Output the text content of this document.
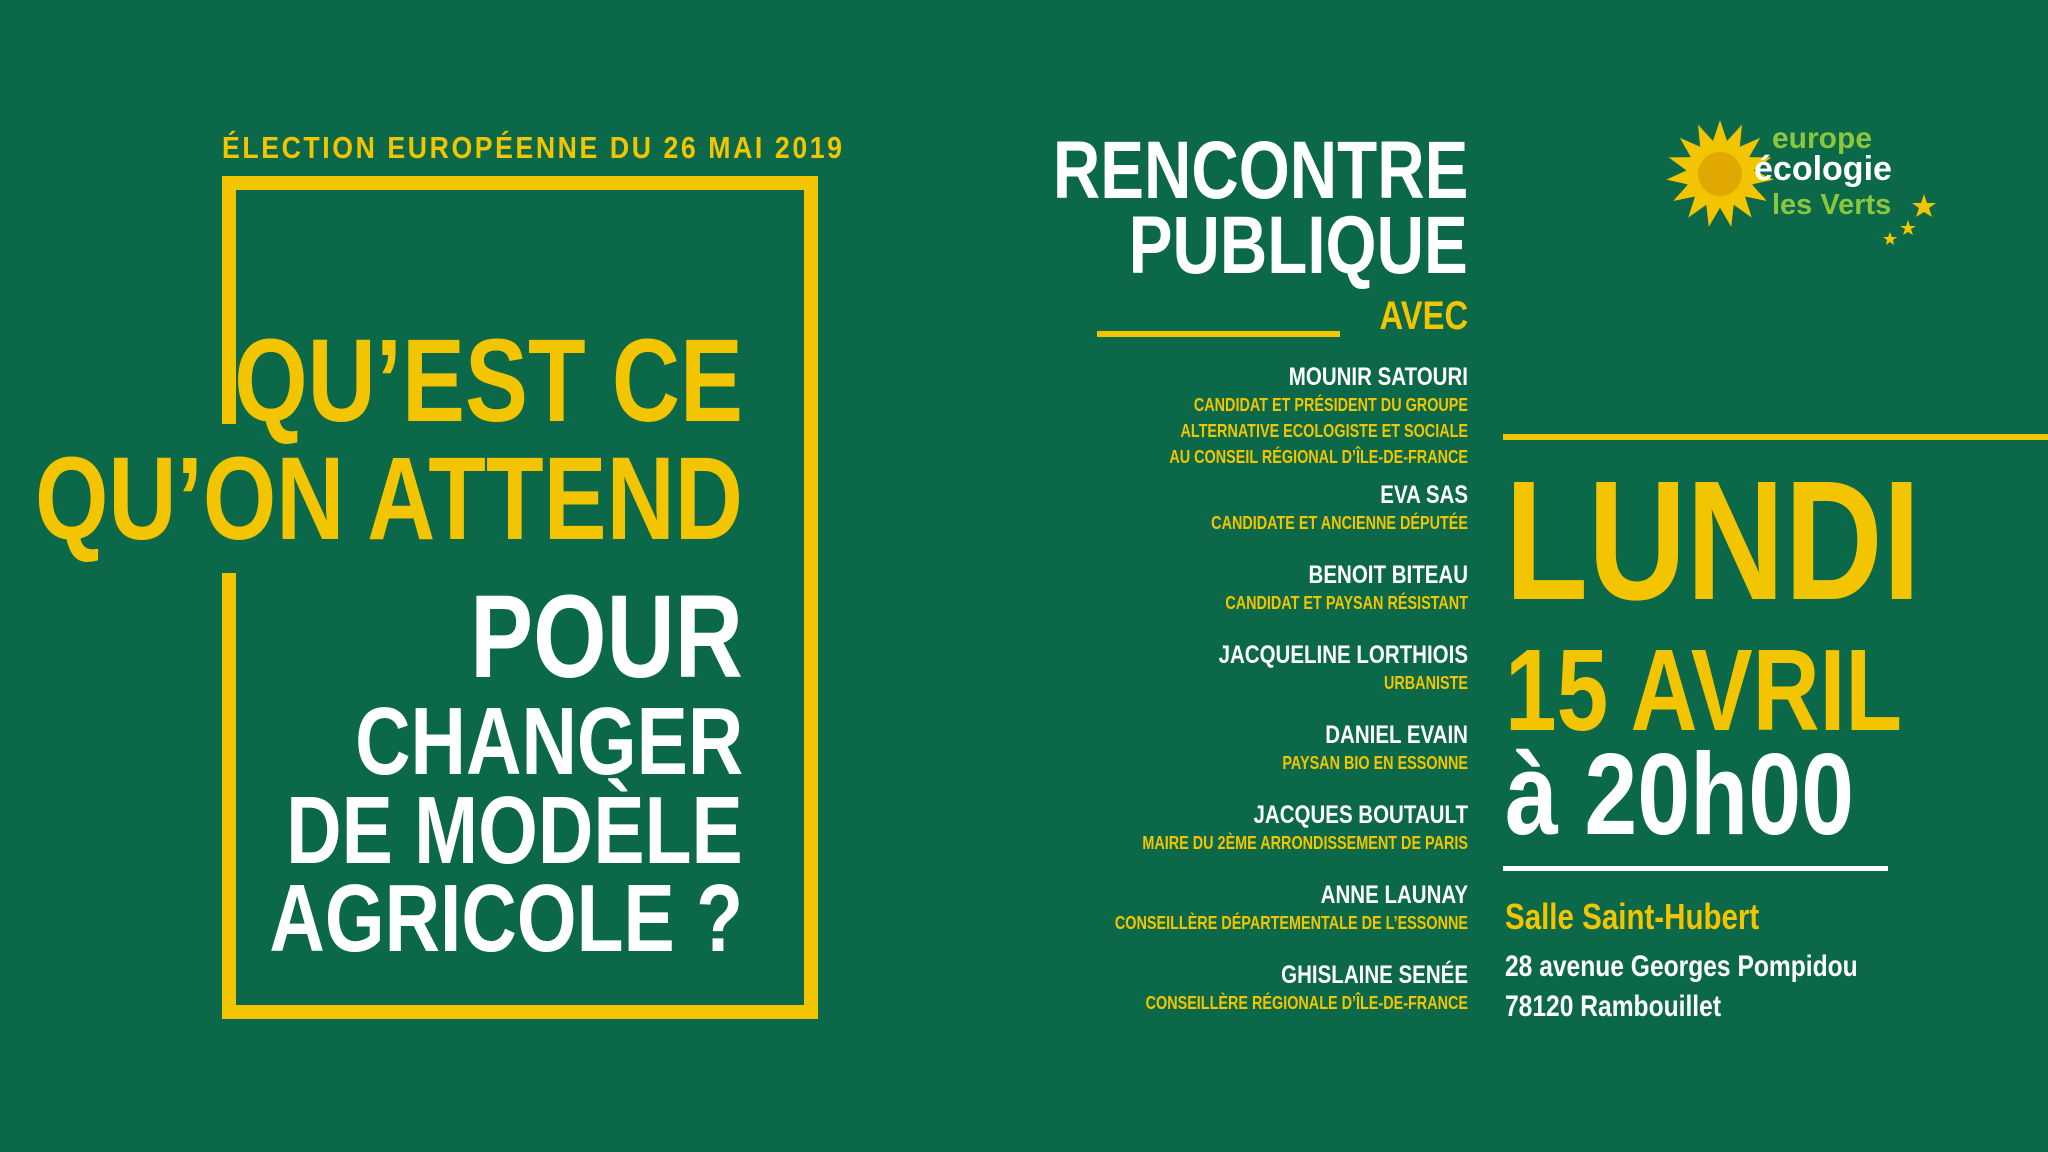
ÉLECTION EUROPÉENNE DU 26 MAI 2019
QU’EST CE
QU’ON ATTEND
POUR
CHANGER
DE MODÈLE
AGRICOLE ?
RENCONTRE
PUBLIQUE
AVEC
MOUNIR SATOURI
CANDIDAT ET PRÉSIDENT DU GROUPE
ALTERNATIVE ECOLOGISTE ET SOCIALE
AU CONSEIL RÉGIONAL D’ÎLE-DE-FRANCE
EVA SAS
CANDIDATE ET ANCIENNE DÉPUTÉE
BENOIT BITEAU
CANDIDAT ET PAYSAN RÉSISTANT
JACQUELINE LORTHIOIS
URBANISTE
DANIEL EVAIN
PAYSAN BIO EN ESSONNE
JACQUES BOUTAULT
MAIRE DU 2ÈME ARRONDISSEMENT DE PARIS
ANNE LAUNAY
CONSEILLÈRE DÉPARTEMENTALE DE L’ESSONNE
GHISLAINE SENÉE
CONSEILLÈRE RÉGIONALE D’ÎLE-DE-FRANCE
LUNDI
15 AVRIL
à 20h00
Salle Saint-Hubert
28 avenue Georges Pompidou
78120 Rambouillet
europe
écologie
les Verts
